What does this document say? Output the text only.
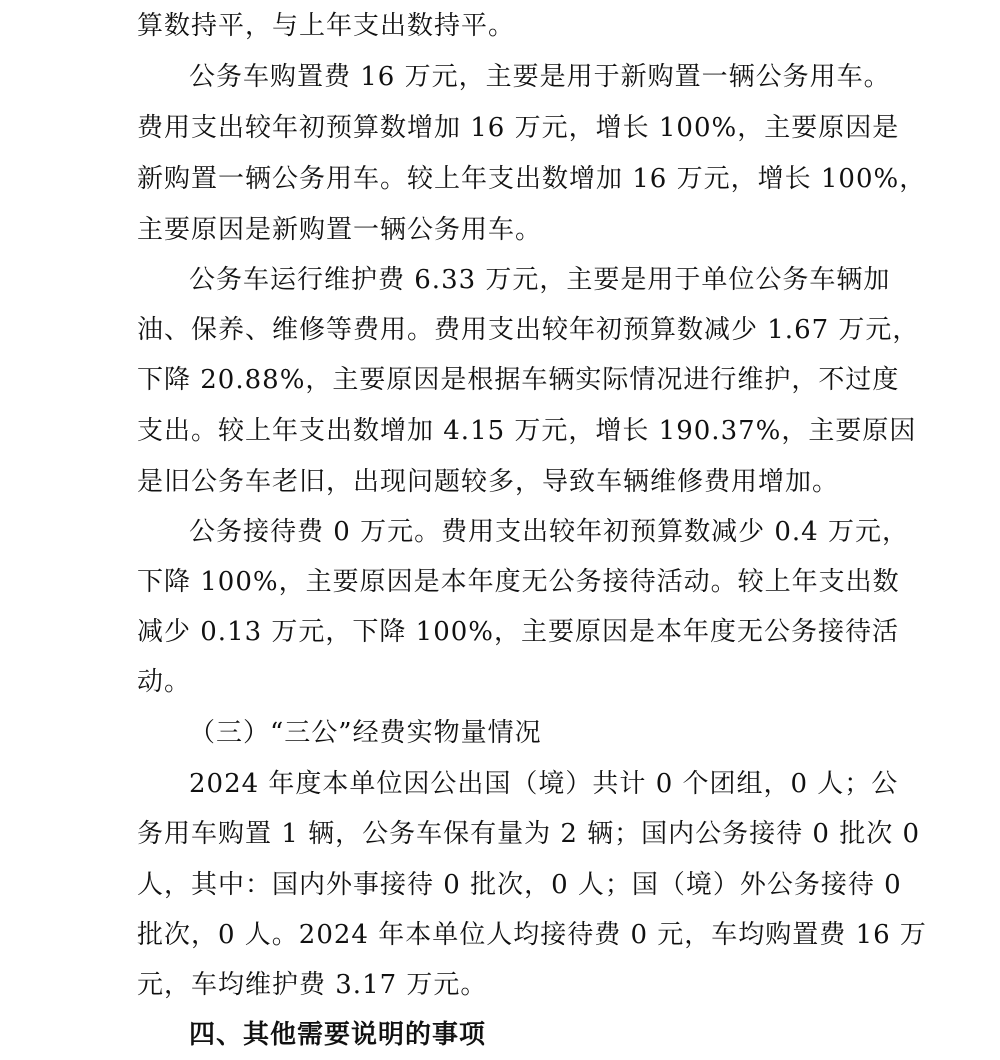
算数持平，与上年支出数持平。
公务车购置费 16 万元，主要是用于新购置一辆公务用车。
费用支出较年初预算数增加 16 万元，增长 100%，主要原因是
新购置一辆公务用车。较上年支出数增加 16 万元，增长 100%，
主要原因是新购置一辆公务用车。
公务车运行维护费 6.33 万元，主要是用于单位公务车辆加
油、保养、维修等费用。费用支出较年初预算数减少 1.67 万元，
下降 20.88%，主要原因是根据车辆实际情况进行维护，不过度
支出。较上年支出数增加 4.15 万元，增长 190.37%，主要原因
是旧公务车老旧，出现问题较多，导致车辆维修费用增加。
公务接待费 0 万元。费用支出较年初预算数减少 0.4 万元，
下降 100%，主要原因是本年度无公务接待活动。较上年支出数
减少 0.13 万元，下降 100%，主要原因是本年度无公务接待活
动。
（三）“三公”经费实物量情况
2024 年度本单位因公出国（境）共计 0 个团组，0 人；公
务用车购置 1 辆，公务车保有量为 2 辆；国内公务接待 0 批次 0
人，其中：国内外事接待 0 批次，0 人；国（境）外公务接待 0
批次，0 人。2024 年本单位人均接待费 0 元，车均购置费 16 万
元，车均维护费 3.17 万元。
四、其他需要说明的事项
